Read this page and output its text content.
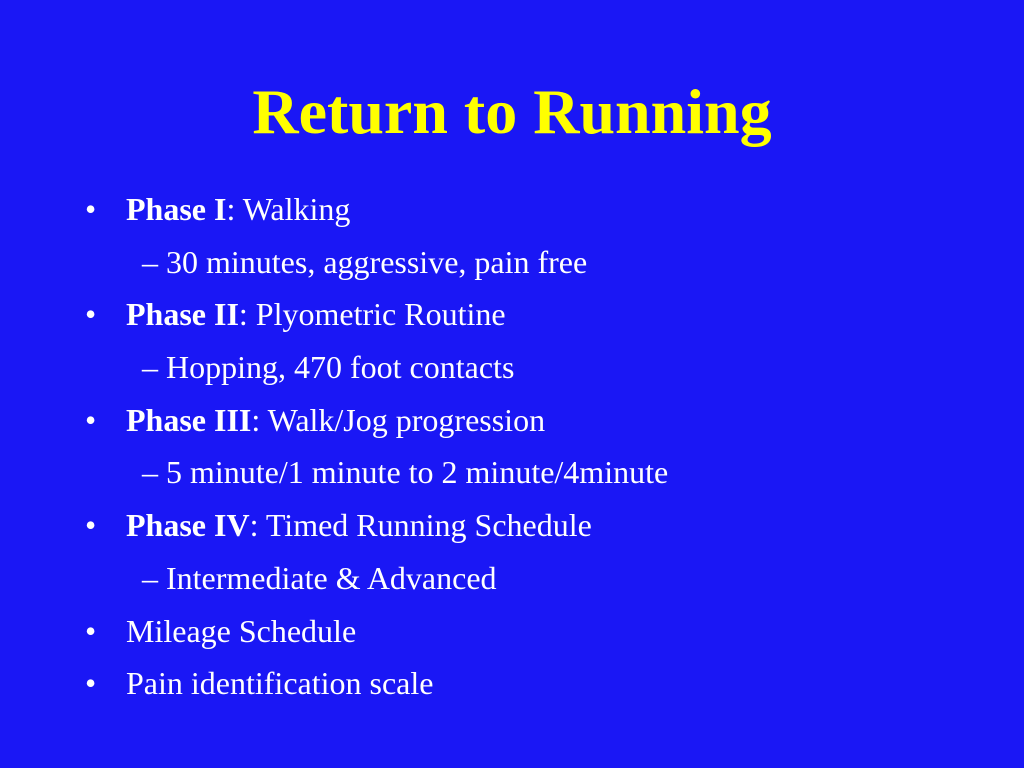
Return to Running
• Phase I: Walking
– 30 minutes, aggressive, pain free
• Phase II: Plyometric Routine
– Hopping, 470 foot contacts
• Phase III: Walk/Jog progression
– 5 minute/1 minute to 2 minute/4minute
• Phase IV: Timed Running Schedule
– Intermediate & Advanced
• Mileage Schedule
• Pain identification scale
